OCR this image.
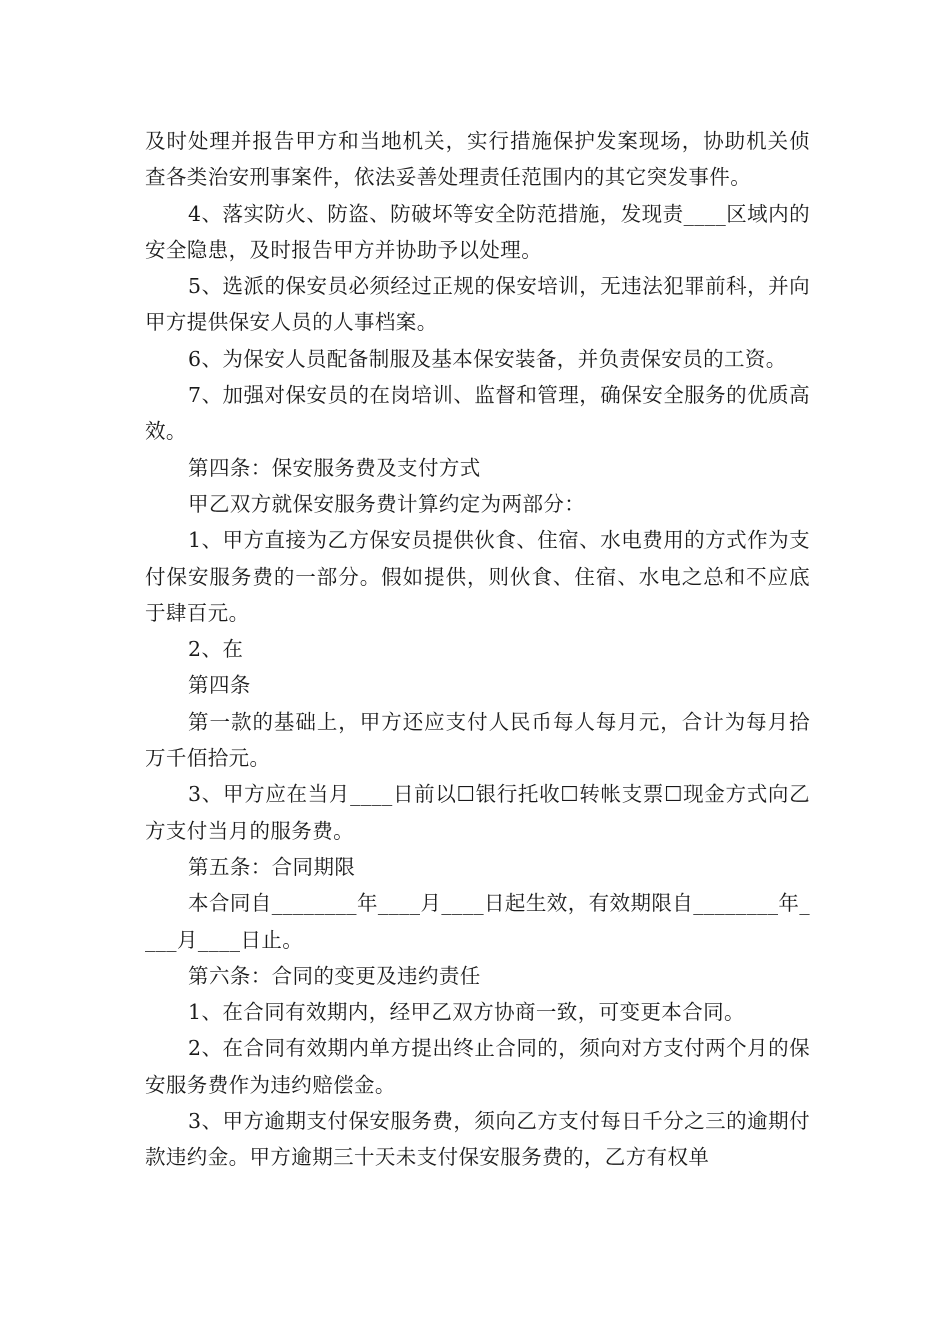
及时处理并报告甲方和当地机关，实行措施保护发案现场，协助机关侦查各类治安刑事案件，依法妥善处理责任范围内的其它突发事件。

4、落实防火、防盗、防破坏等安全防范措施，发现责____区域内的安全隐患，及时报告甲方并协助予以处理。

5、选派的保安员必须经过正规的保安培训，无违法犯罪前科，并向甲方提供保安人员的人事档案。

6、为保安人员配备制服及基本保安装备，并负责保安员的工资。

7、加强对保安员的在岗培训、监督和管理，确保安全服务的优质高效。

第四条：保安服务费及支付方式

甲乙双方就保安服务费计算约定为两部分：

1、甲方直接为乙方保安员提供伙食、住宿、水电费用的方式作为支付保安服务费的一部分。假如提供，则伙食、住宿、水电之总和不应底于肆百元。

2、在

第四条

第一款的基础上，甲方还应支付人民币每人每月元，合计为每月拾万千佰拾元。

3、甲方应在当月____日前以☐银行托收☐转帐支票☐现金方式向乙方支付当月的服务费。

第五条：合同期限

本合同自________年____月____日起生效，有效期限自________年____月____日止。

第六条：合同的变更及违约责任

1、在合同有效期内，经甲乙双方协商一致，可变更本合同。

2、在合同有效期内单方提出终止合同的，须向对方支付两个月的保安服务费作为违约赔偿金。

3、甲方逾期支付保安服务费，须向乙方支付每日千分之三的逾期付款违约金。甲方逾期三十天未支付保安服务费的，乙方有权单
